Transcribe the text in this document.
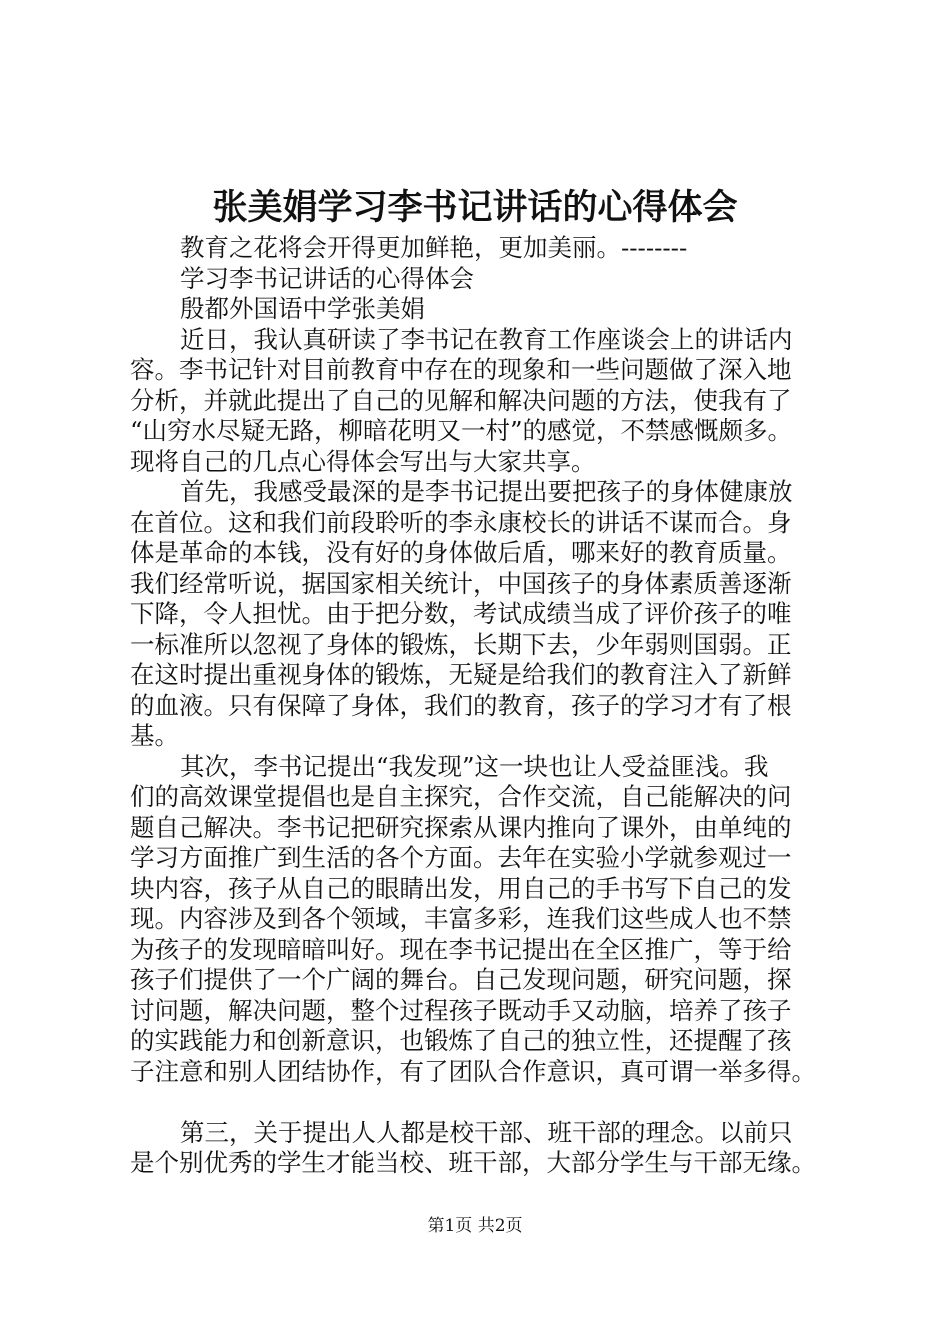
张美娟学习李书记讲话的心得体会
教育之花将会开得更加鲜艳，更加美丽。--------
学习李书记讲话的心得体会
殷都外国语中学张美娟
近日，我认真研读了李书记在教育工作座谈会上的讲话内
容。李书记针对目前教育中存在的现象和一些问题做了深入地
分析，并就此提出了自己的见解和解决问题的方法，使我有了
“山穷水尽疑无路，柳暗花明又一村”的感觉，不禁感慨颇多。
现将自己的几点心得体会写出与大家共享。
首先，我感受最深的是李书记提出要把孩子的身体健康放
在首位。这和我们前段聆听的李永康校长的讲话不谋而合。身
体是革命的本钱，没有好的身体做后盾，哪来好的教育质量。
我们经常听说，据国家相关统计，中国孩子的身体素质善逐渐
下降，令人担忧。由于把分数，考试成绩当成了评价孩子的唯
一标准所以忽视了身体的锻炼，长期下去，少年弱则国弱。正
在这时提出重视身体的锻炼，无疑是给我们的教育注入了新鲜
的血液。只有保障了身体，我们的教育，孩子的学习才有了根
基。
其次，李书记提出“我发现”这一块也让人受益匪浅。我
们的高效课堂提倡也是自主探究，合作交流，自己能解决的问
题自己解决。李书记把研究探索从课内推向了课外，由单纯的
学习方面推广到生活的各个方面。去年在实验小学就参观过一
块内容，孩子从自己的眼睛出发，用自己的手书写下自己的发
现。内容涉及到各个领域，丰富多彩，连我们这些成人也不禁
为孩子的发现暗暗叫好。现在李书记提出在全区推广，等于给
孩子们提供了一个广阔的舞台。自己发现问题，研究问题，探
讨问题，解决问题，整个过程孩子既动手又动脑，培养了孩子
的实践能力和创新意识，也锻炼了自己的独立性，还提醒了孩
子注意和别人团结协作，有了团队合作意识，真可谓一举多得。
第三，关于提出人人都是校干部、班干部的理念。以前只
是个别优秀的学生才能当校、班干部，大部分学生与干部无缘。
第1页 共2页
